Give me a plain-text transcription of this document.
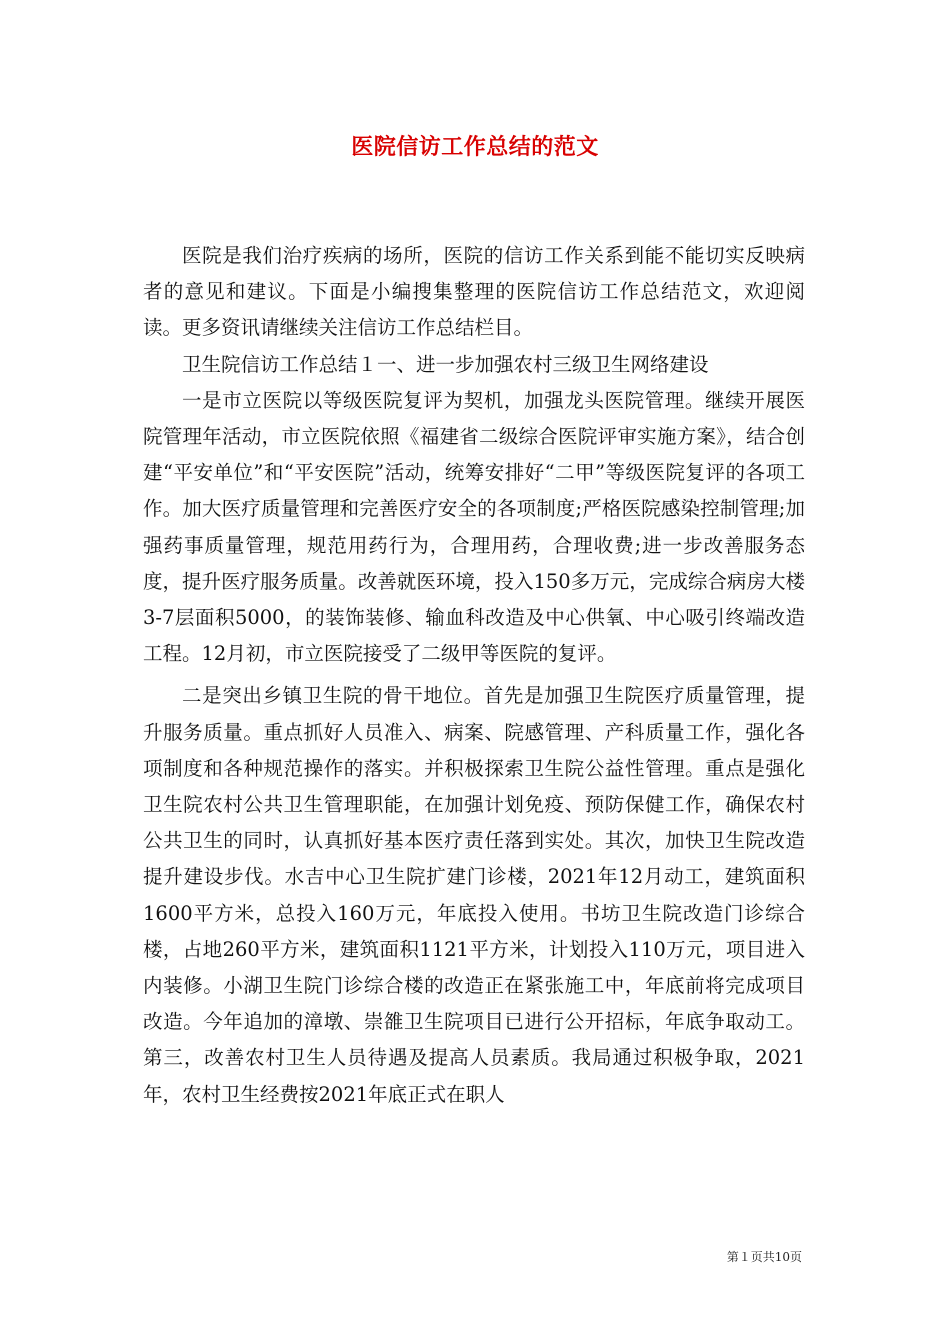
医院信访工作总结的范文

医院是我们治疗疾病的场所，医院的信访工作关系到能不能切实反映病者的意见和建议。下面是小编搜集整理的医院信访工作总结范文，欢迎阅读。更多资讯请继续关注信访工作总结栏目。

卫生院信访工作总结１一、进一步加强农村三级卫生网络建设

一是市立医院以等级医院复评为契机，加强龙头医院管理。继续开展医院管理年活动，市立医院依照《福建省二级综合医院评审实施方案》，结合创建“平安单位”和“平安医院”活动，统筹安排好“二甲”等级医院复评的各项工作。加大医疗质量管理和完善医疗安全的各项制度;严格医院感染控制管理;加强药事质量管理，规范用药行为，合理用药，合理收费;进一步改善服务态度，提升医疗服务质量。改善就医环境，投入150多万元，完成综合病房大楼3-7层面积5000，的装饰装修、输血科改造及中心供氧、中心吸引终端改造工程。12月初，市立医院接受了二级甲等医院的复评。

二是突出乡镇卫生院的骨干地位。首先是加强卫生院医疗质量管理，提升服务质量。重点抓好人员准入、病案、院感管理、产科质量工作，强化各项制度和各种规范操作的落实。并积极探索卫生院公益性管理。重点是强化卫生院农村公共卫生管理职能，在加强计划免疫、预防保健工作，确保农村公共卫生的同时，认真抓好基本医疗责任落到实处。其次，加快卫生院改造提升建设步伐。水吉中心卫生院扩建门诊楼，2021年12月动工，建筑面积1600平方米，总投入160万元，年底投入使用。书坊卫生院改造门诊综合楼，占地260平方米，建筑面积1121平方米，计划投入110万元，项目进入内装修。小湖卫生院门诊综合楼的改造正在紧张施工中，年底前将完成项目改造。今年追加的漳墩、崇雒卫生院项目已进行公开招标，年底争取动工。第三，改善农村卫生人员待遇及提高人员素质。我局通过积极争取，2021年，农村卫生经费按2021年底正式在职人

第１页共10页
